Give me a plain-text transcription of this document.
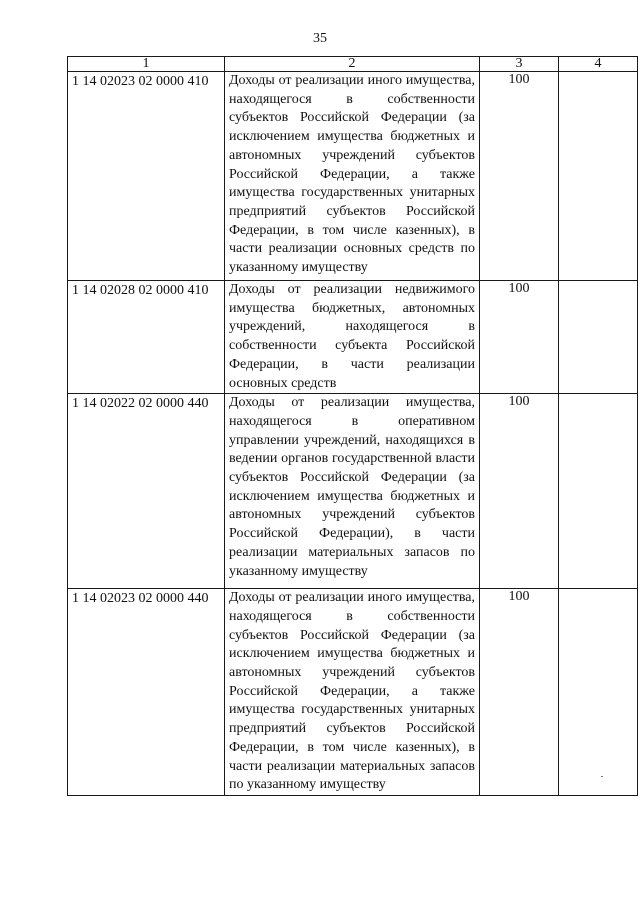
35
1	2	3	4
1 14 02023 02 0000 410	Доходы от реализации иного имущества, находящегося в собственности субъектов Российской Федерации (за исключением имущества бюджетных и автономных учреждений субъектов Российской Федерации, а также имущества государственных унитарных предприятий субъектов Российской Федерации, в том числе казенных), в части реализации основных средств по указанному имуществу	100	
1 14 02028 02 0000 410	Доходы от реализации недвижимого имущества бюджетных, автономных учреждений, находящегося в собственности субъекта Российской Федерации, в части реализации основных средств	100	
1 14 02022 02 0000 440	Доходы от реализации имущества, находящегося в оперативном управлении учреждений, находящихся в ведении органов государственной власти субъектов Российской Федерации (за исключением имущества бюджетных и автономных учреждений субъектов Российской Федерации), в части реализации материальных запасов по указанному имуществу	100	
1 14 02023 02 0000 440	Доходы от реализации иного имущества, находящегося в собственности субъектов Российской Федерации (за исключением имущества бюджетных и автономных учреждений субъектов Российской Федерации, а также имущества государственных унитарных предприятий субъектов Российской Федерации, в том числе казенных), в части реализации материальных запасов по указанному имуществу	100	
